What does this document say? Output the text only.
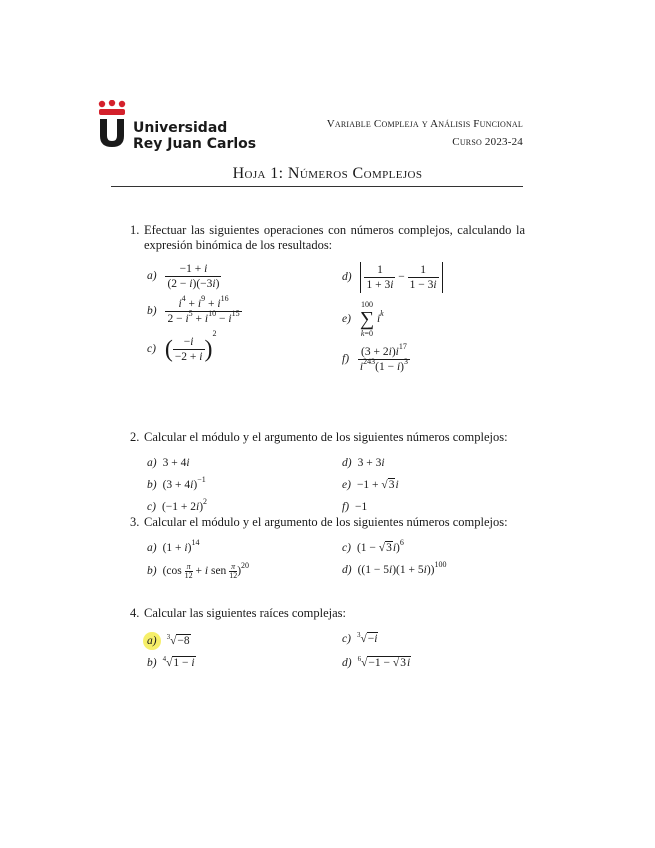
Universidad
Rey Juan Carlos
Variable Compleja y Análisis Funcional
Curso 2023-24
Hoja 1: Números Complejos
1. Efectuar las siguientes operaciones con números complejos, calculando la expresión binómica de los resultados:
$a) \frac{-1 + i}{(2 - i)(-3i)}$
$b) \frac{i^4 + i^9 + i^{16}}{2 - i^5 + i^{10} - i^{15}}$
c) ( $\frac{-i}{-2 + i} )^2$
$d) \frac{1}{1 + 3i} - \frac{1}{1 - 3i}$
e) 100
∑
k=0 $i^k$
$f) \frac{(3 + 2i)i^{17}}{i^{243}(1 - i)^3}$
2. Calcular el módulo y el argumento de los siguientes números complejos:
a) 3 + 4i
b) $(3 + 4i)^{-1}$
c) $(-1 + 2i)^2$
d) 3 + 3i
e) −1 + √3i
f) −1
3. Calcular el módulo y el argumento de los siguientes números complejos:
a) $(1 + i)^{14}$
b) (cos π
12 + i sen π
12)$^{20}$
c) $(1 - √3i)^6$
d) $((1 - 5i)(1 + 5i))^{100}$
4. Calcular las siguientes raíces complejas:
a) $^3$√−8
b) $^4$√1 − i
c) $^3$√−i
d) $^6$√−1 − √3i
